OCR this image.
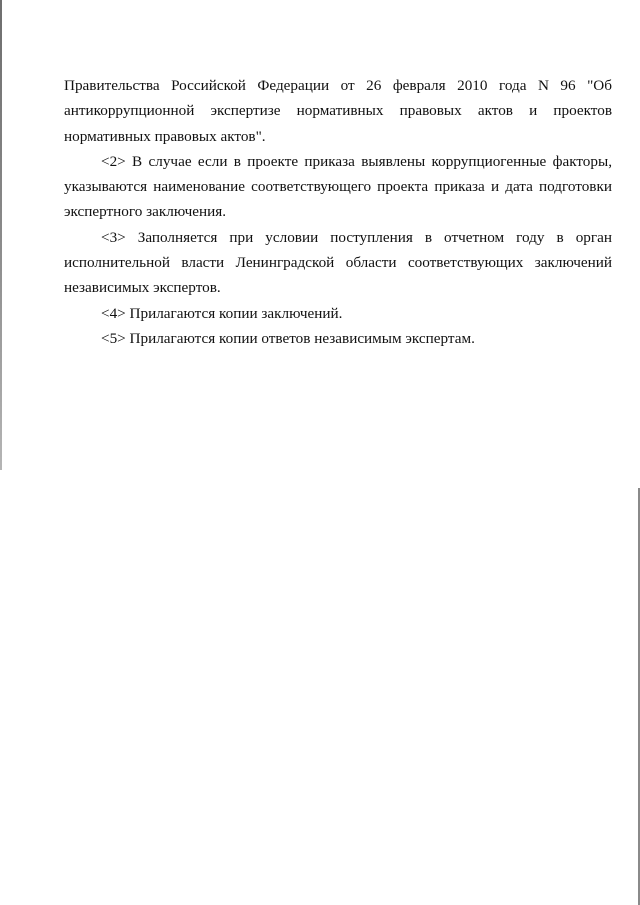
Правительства Российской Федерации от 26 февраля 2010 года N 96 "Об антикоррупционной экспертизе нормативных правовых актов и проектов нормативных правовых актов".

<2> В случае если в проекте приказа выявлены коррупциогенные факторы, указываются наименование соответствующего проекта приказа и дата подготовки экспертного заключения.

<3> Заполняется при условии поступления в отчетном году в орган исполнительной власти Ленинградской области соответствующих заключений независимых экспертов.

<4> Прилагаются копии заключений.

<5> Прилагаются копии ответов независимым экспертам.
